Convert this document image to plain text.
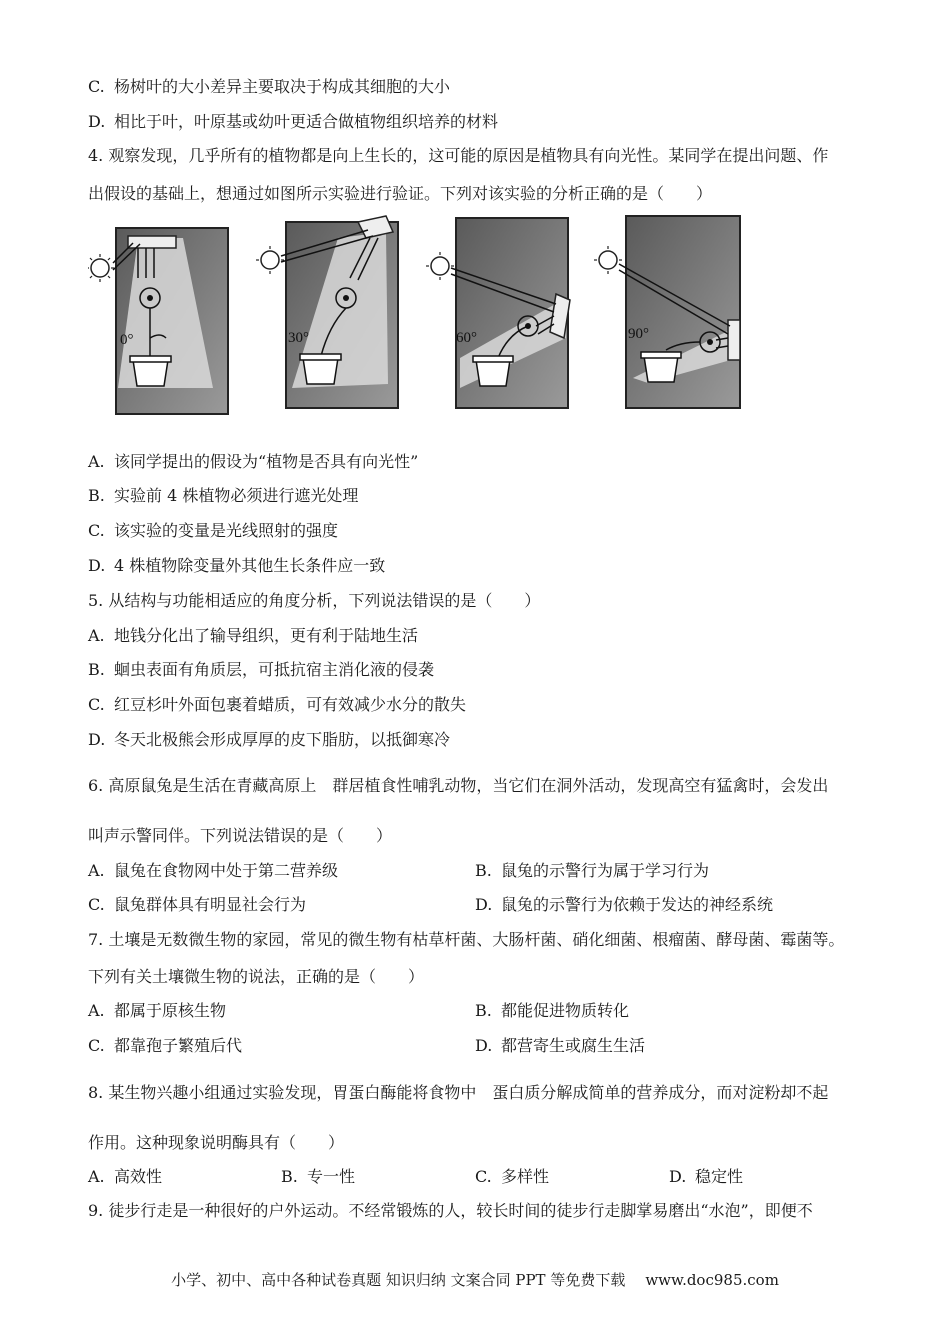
C. 杨树叶的大小差异主要取决于构成其细胞的大小
D. 相比于叶，叶原基或幼叶更适合做植物组织培养的材料
4. 观察发现，几乎所有的植物都是向上生长的，这可能的原因是植物具有向光性。某同学在提出问题、作
出假设的基础上，想通过如图所示实验进行验证。下列对该实验的分析正确的是（　　）
0°	30°	60°	90°
A. 该同学提出的假设为“植物是否具有向光性”
B. 实验前 4 株植物必须进行遮光处理
C. 该实验的变量是光线照射的强度
D. 4 株植物除变量外其他生长条件应一致
5. 从结构与功能相适应的角度分析，下列说法错误的是（　　）
A. 地钱分化出了输导组织，更有利于陆地生活
B. 蛔虫表面有角质层，可抵抗宿主消化液的侵袭
C. 红豆杉叶外面包裹着蜡质，可有效减少水分的散失
D. 冬天北极熊会形成厚厚的皮下脂肪，以抵御寒冷
6. 高原鼠兔是生活在青藏高原上　群居植食性哺乳动物，当它们在洞外活动，发现高空有猛禽时，会发出
叫声示警同伴。下列说法错误的是（　　）
A. 鼠兔在食物网中处于第二营养级	B. 鼠兔的示警行为属于学习行为
C. 鼠兔群体具有明显社会行为	D. 鼠兔的示警行为依赖于发达的神经系统
7. 土壤是无数微生物的家园，常见的微生物有枯草杆菌、大肠杆菌、硝化细菌、根瘤菌、酵母菌、霉菌等。
下列有关土壤微生物的说法，正确的是（　　）
A. 都属于原核生物	B. 都能促进物质转化
C. 都靠孢子繁殖后代	D. 都营寄生或腐生生活
8. 某生物兴趣小组通过实验发现，胃蛋白酶能将食物中　蛋白质分解成简单的营养成分，而对淀粉却不起
作用。这种现象说明酶具有（　　）
A. 高效性	B. 专一性	C. 多样性	D. 稳定性
9. 徒步行走是一种很好的户外运动。不经常锻炼的人，较长时间的徒步行走脚掌易磨出“水泡”，即便不
小学、初中、高中各种试卷真题 知识归纳 文案合同 PPT 等免费下载 www.doc985.com
